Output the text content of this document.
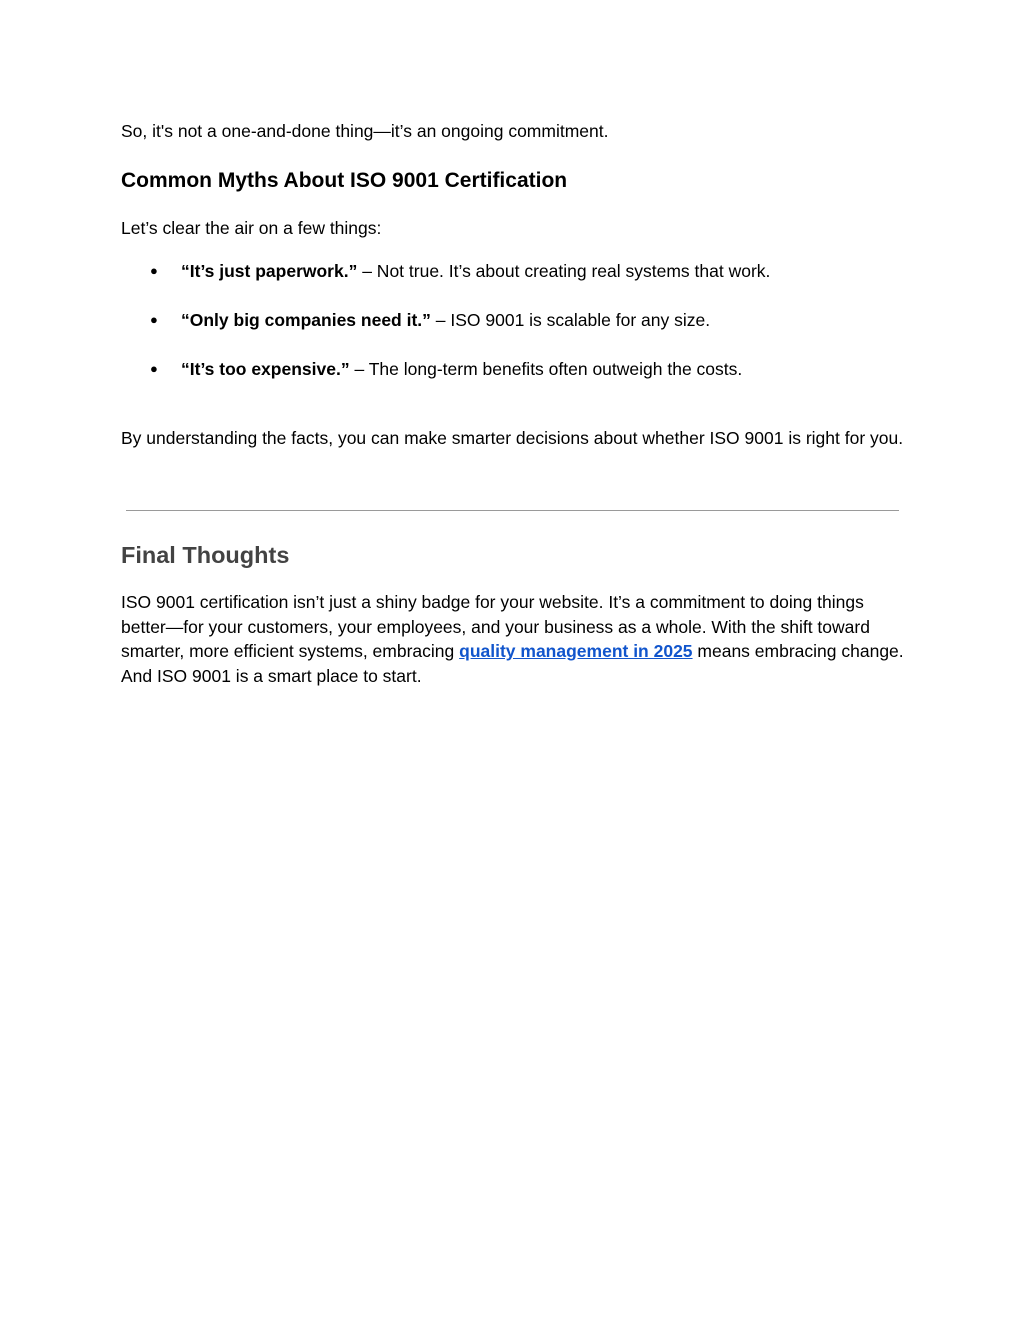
So, it's not a one-and-done thing—it’s an ongoing commitment.

Common Myths About ISO 9001 Certification

Let’s clear the air on a few things:

● “It’s just paperwork.” – Not true. It’s about creating real systems that work.
● “Only big companies need it.” – ISO 9001 is scalable for any size.
● “It’s too expensive.” – The long-term benefits often outweigh the costs.

By understanding the facts, you can make smarter decisions about whether ISO 9001 is right for you.

Final Thoughts

ISO 9001 certification isn’t just a shiny badge for your website. It’s a commitment to doing things better—for your customers, your employees, and your business as a whole. With the shift toward smarter, more efficient systems, embracing quality management in 2025 means embracing change. And ISO 9001 is a smart place to start.
